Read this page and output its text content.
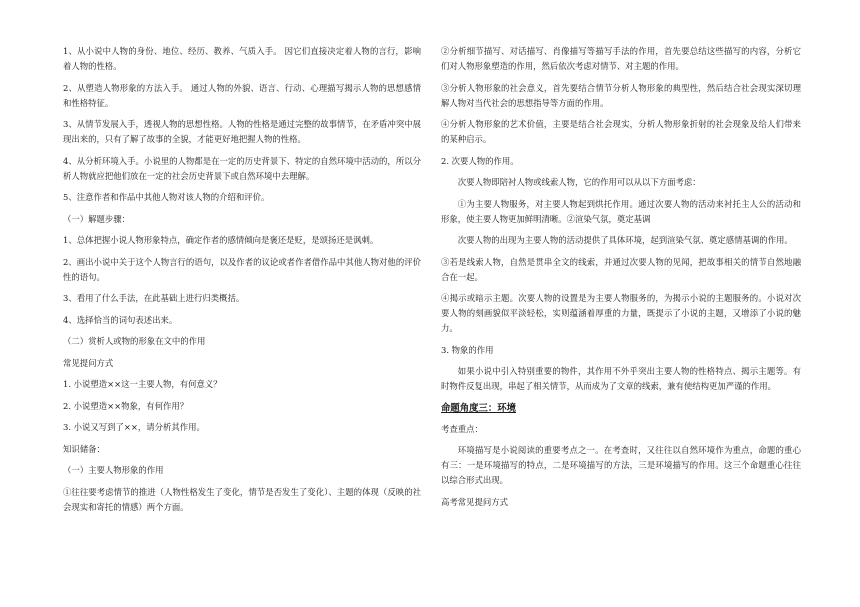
1、从小说中人物的身份、地位、经历、教养、气质入手。 因它们直接决定着人物的言行，影响着人物的性格。

2、从塑造人物形象的方法入手。 通过人物的外貌、语言、行动、心理描写揭示人物的思想感情和性格特征。

3、从情节发展入手，透视人物的思想性格。人物的性格是通过完整的故事情节，在矛盾冲突中展现出来的，只有了解了故事的全貌，才能更好地把握人物的性格。

4、从分析环境入手。小说里的人物都是在一定的历史背景下、特定的自然环境中活动的，所以分析人物就应把他们放在一定的社会历史背景下或自然环境中去理解。

5、注意作者和作品中其他人物对该人物的介绍和评价。

（一）解题步骤：

1、总体把握小说人物形象特点，确定作者的感情倾向是褒还是贬，是颂扬还是讽刺。

2、画出小说中关于这个人物言行的语句，以及作者的议论或者作者借作品中其他人物对他的评价性的语句。

3、看用了什么手法，在此基础上进行归类概括。

4、选择恰当的词句表述出来。

（二）赏析人或物的形象在文中的作用

常见提问方式

1. 小说塑造××这一主要人物，有何意义？

2. 小说塑造××物象，有何作用？

3. 小说又写到了××，请分析其作用。

知识储备：

（一）主要人物形象的作用

①往往要考虑情节的推进（人物性格发生了变化，情节是否发生了变化）、主题的体现（反映的社会现实和寄托的情感）两个方面。

②分析细节描写、对话描写、肖像描写等描写手法的作用，首先要总结这些描写的内容，分析它们对人物形象塑造的作用，然后依次考虑对情节、对主题的作用。

③分析人物形象的社会意义，首先要结合情节分析人物形象的典型性，然后结合社会现实深切理解人物对当代社会的思想指导等方面的作用。

④分析人物形象的艺术价值，主要是结合社会现实，分析人物形象折射的社会现象及给人们带来的某种启示。

2. 次要人物的作用。

次要人物即陪衬人物或线索人物，它的作用可以从以下方面考虑：

①为主要人物服务，对主要人物起到烘托作用。通过次要人物的活动来衬托主人公的活动和形象，使主要人物更加鲜明清晰。②渲染气氛，奠定基调

次要人物的出现为主要人物的活动提供了具体环境，起到渲染气氛、奠定感情基调的作用。

③若是线索人物，自然是贯串全文的线索，并通过次要人物的见闻，把故事相关的情节自然地融合在一起。

④揭示或暗示主题。次要人物的设置是为主要人物服务的，为揭示小说的主题服务的。小说对次要人物的刻画貌似平淡轻松，实则蕴涵着厚重的力量，既提示了小说的主题，又增添了小说的魅力。

3. 物象的作用

如果小说中引入特别重要的物件，其作用不外乎突出主要人物的性格特点、揭示主题等。有时物件反复出现，串起了相关情节，从而成为了文章的线索，兼有使结构更加严谨的作用。

命题角度三：环境

考查重点：

环境描写是小说阅读的重要考点之一。在考查时，又往往以自然环境作为重点，命题的重心有三：一是环境描写的特点，二是环境描写的方法，三是环境描写的作用。这三个命题重心往往以综合形式出现。

高考常见提问方式
